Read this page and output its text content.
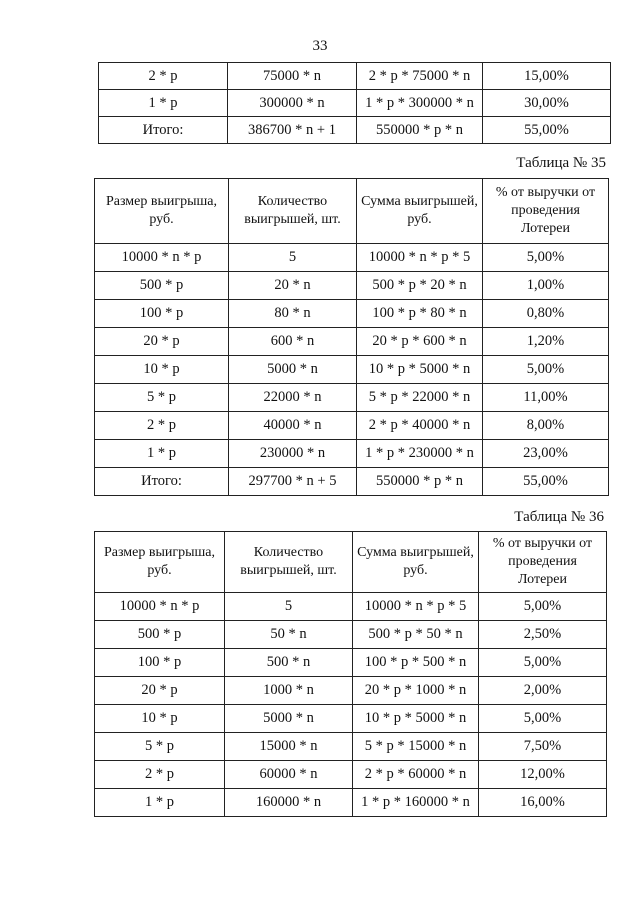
33
2 * p	75000 * n	2 * p * 75000 * n	15,00%
1 * p	300000 * n	1 * p * 300000 * n	30,00%
Итого:	386700 * n + 1	550000 * p * n	55,00%
Таблица № 35
Размер выигрыша, руб.	Количество выигрышей, шт.	Сумма выигрышей, руб.	% от выручки от проведения Лотереи
10000 * n * p	5	10000 * n * p * 5	5,00%
500 * p	20 * n	500 * p * 20 * n	1,00%
100 * p	80 * n	100 * p * 80 * n	0,80%
20 * p	600 * n	20 * p * 600 * n	1,20%
10 * p	5000 * n	10 * p * 5000 * n	5,00%
5 * p	22000 * n	5 * p * 22000 * n	11,00%
2 * p	40000 * n	2 * p * 40000 * n	8,00%
1 * p	230000 * n	1 * p * 230000 * n	23,00%
Итого:	297700 * n + 5	550000 * p * n	55,00%
Таблица № 36
Размер выигрыша, руб.	Количество выигрышей, шт.	Сумма выигрышей, руб.	% от выручки от проведения Лотереи
10000 * n * p	5	10000 * n * p * 5	5,00%
500 * p	50 * n	500 * p * 50 * n	2,50%
100 * p	500 * n	100 * p * 500 * n	5,00%
20 * p	1000 * n	20 * p * 1000 * n	2,00%
10 * p	5000 * n	10 * p * 5000 * n	5,00%
5 * p	15000 * n	5 * p * 15000 * n	7,50%
2 * p	60000 * n	2 * p * 60000 * n	12,00%
1 * p	160000 * n	1 * p * 160000 * n	16,00%
